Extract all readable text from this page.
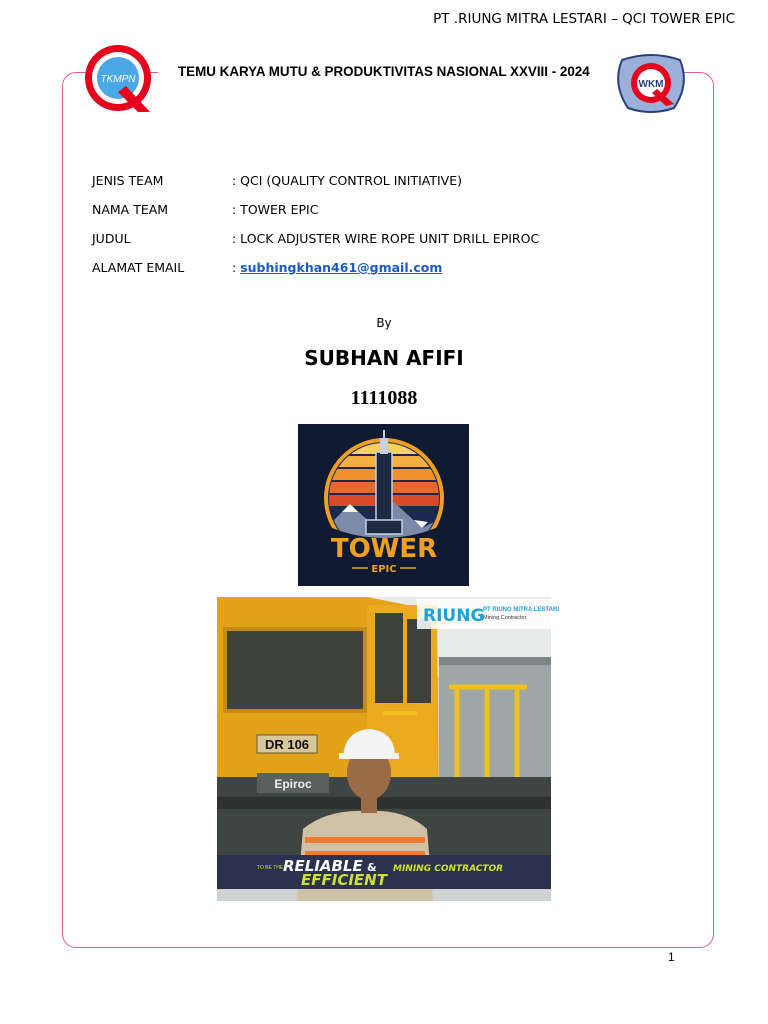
PT .RIUNG MITRA LESTARI – QCI TOWER EPIC
TKMPN
TEMU KARYA MUTU & PRODUKTIVITAS NASIONAL XXVIII - 2024
WKM
JENIS TEAM	: QCI (QUALITY CONTROL INITIATIVE)
NAMA TEAM	: TOWER EPIC
JUDUL	: LOCK ADJUSTER WIRE ROPE UNIT DRILL EPIROC
ALAMAT EMAIL	: subhingkhan461@gmail.com
By
SUBHAN AFIFI
1111088
TOWER
EPIC
DR 106
Epiroc
RIUNG
PT RIUNG MITRA LESTARI
Mining Contractor
TO BE THE RELIABLE & MINING CONTRACTOR
EFFICIENT
1
